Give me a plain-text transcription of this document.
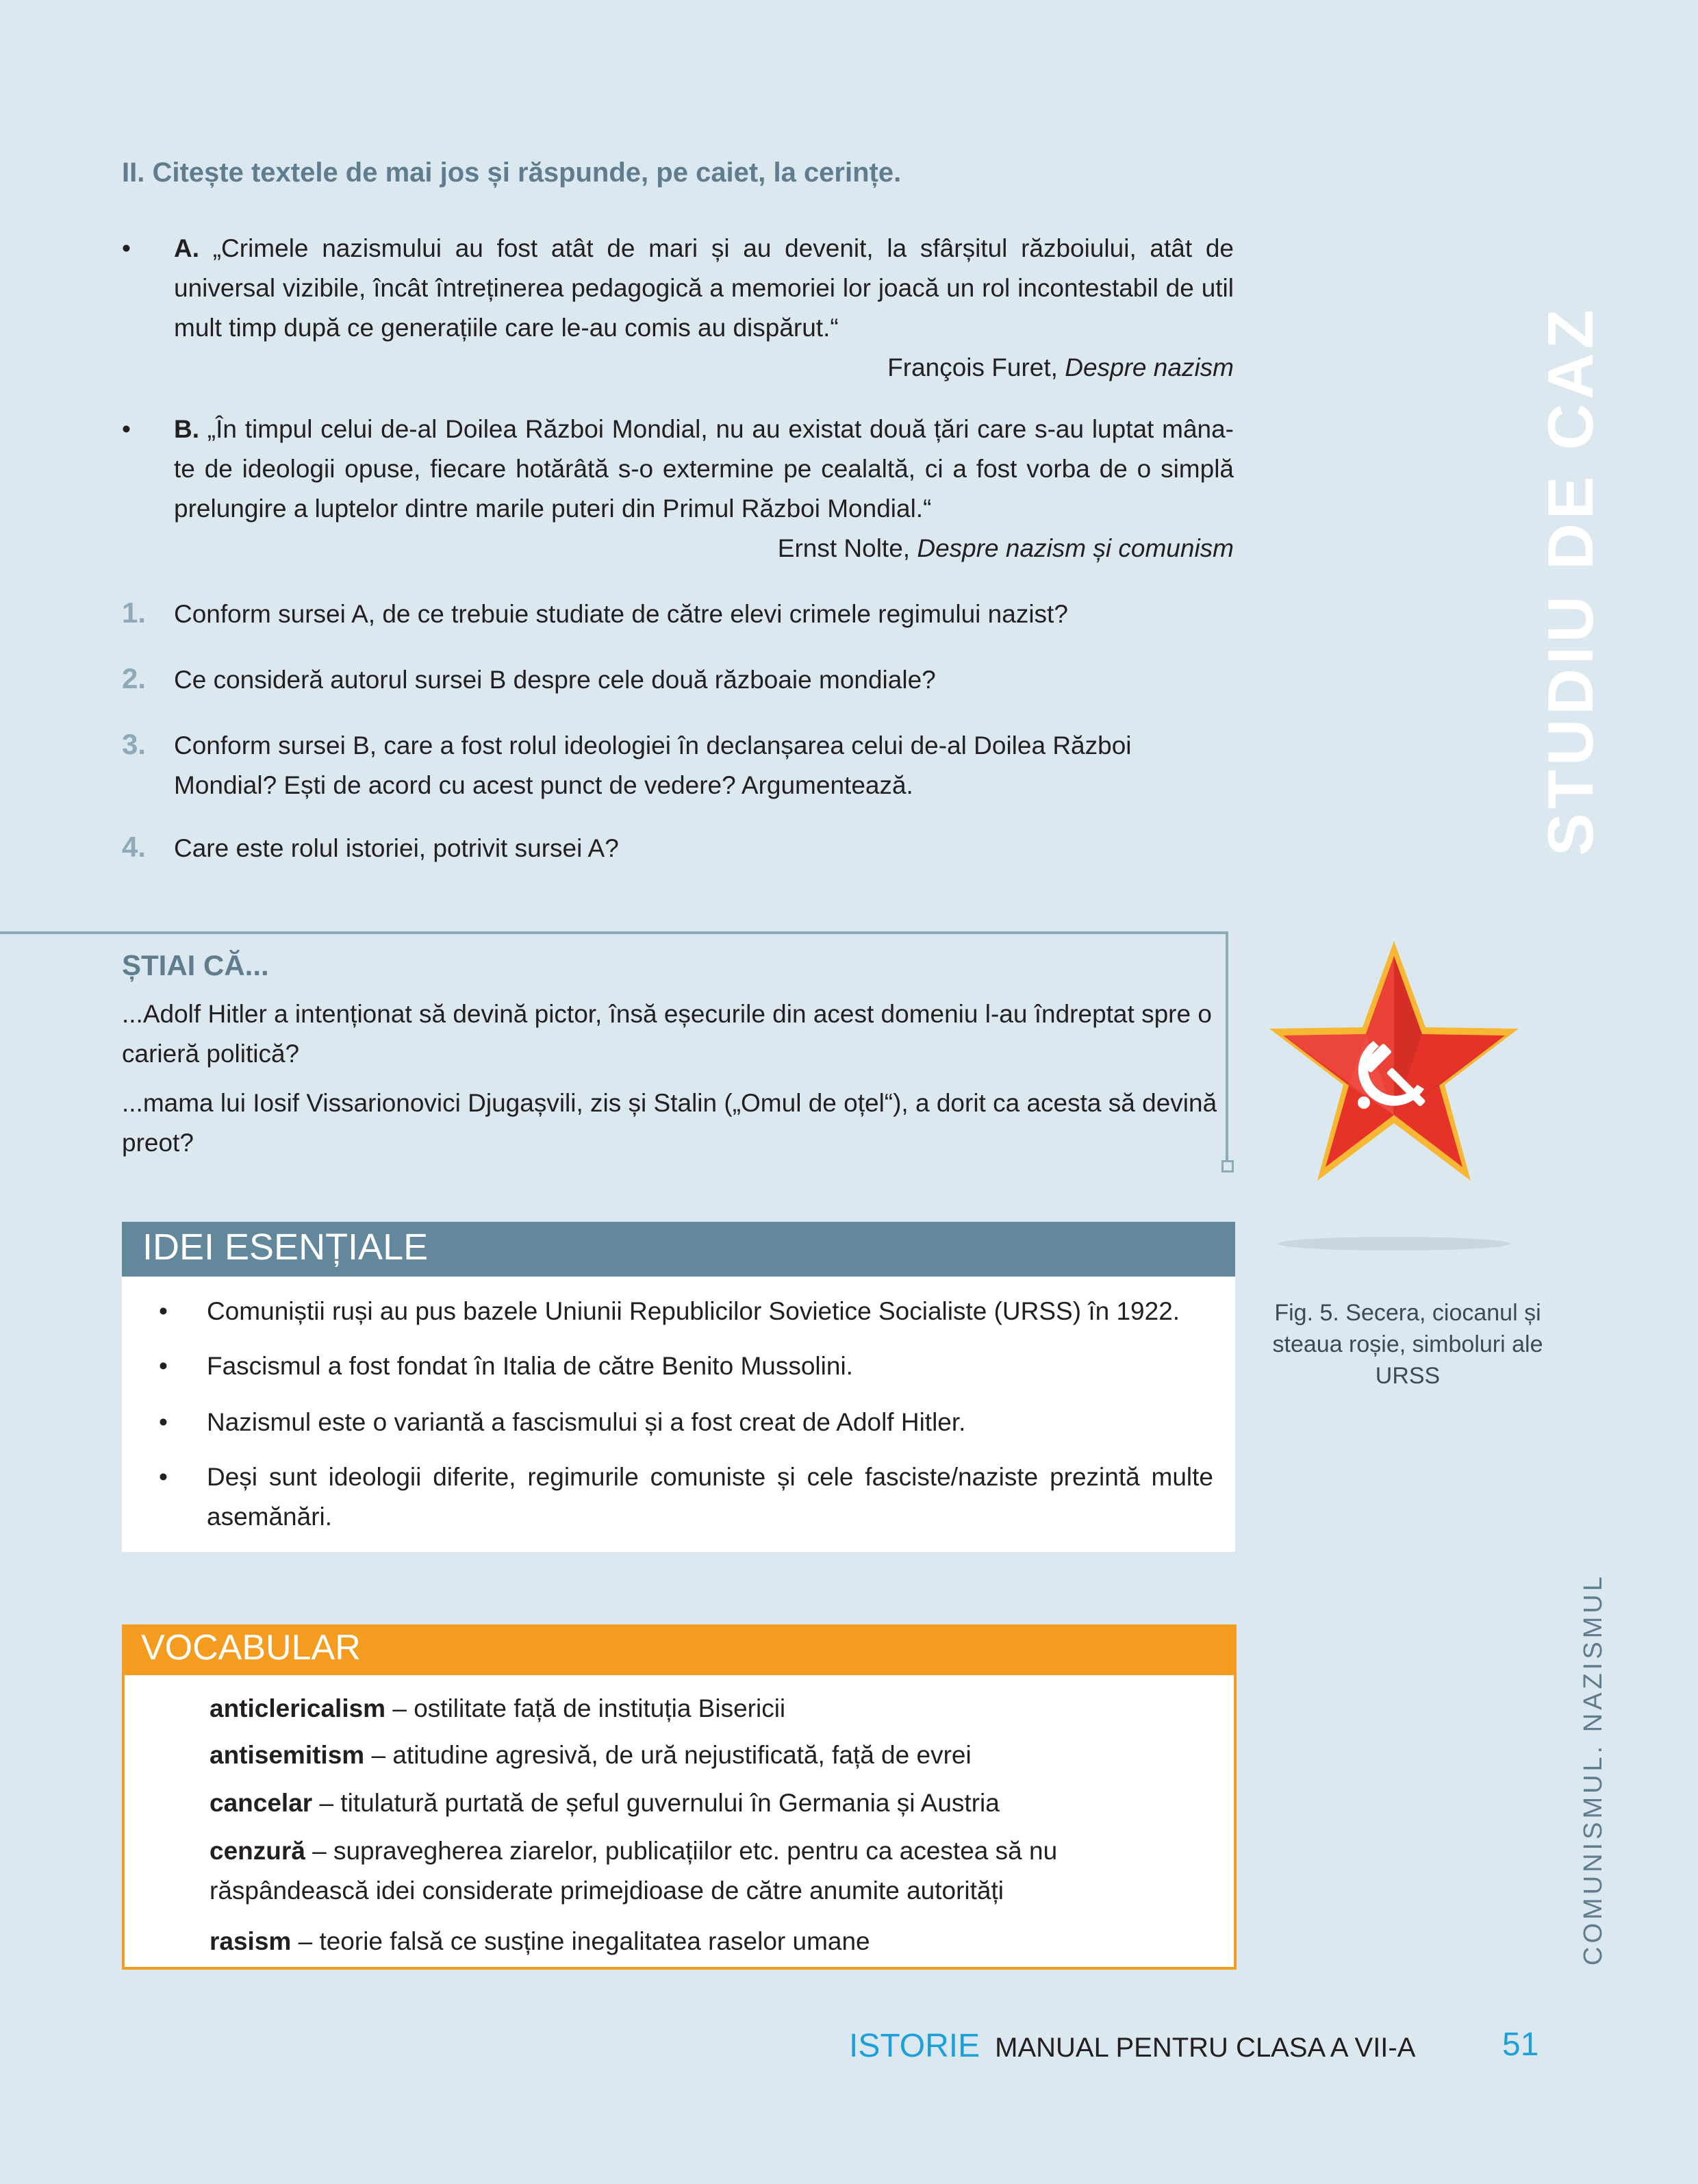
II. Citește textele de mai jos și răspunde, pe caiet, la cerințe.
• A. „Crimele nazismului au fost atât de mari și au devenit, la sfârșitul războiului, atât de universal vizibile, încât întreținerea pedagogică a memoriei lor joacă un rol incontestabil de util mult timp după ce generațiile care le-au comis au dispărut.“
François Furet, Despre nazism
• B. „În timpul celui de-al Doilea Război Mondial, nu au existat două țări care s-au luptat mâna-te de ideologii opuse, fiecare hotărâtă s-o extermine pe cealaltă, ci a fost vorba de o simplă prelungire a luptelor dintre marile puteri din Primul Război Mondial.“
Ernst Nolte, Despre nazism și comunism
1. Conform sursei A, de ce trebuie studiate de către elevi crimele regimului nazist?
2. Ce consideră autorul sursei B despre cele două războaie mondiale?
3. Conform sursei B, care a fost rolul ideologiei în declanșarea celui de-al Doilea Război Mondial? Ești de acord cu acest punct de vedere? Argumentează.
4. Care este rolul istoriei, potrivit sursei A?	STUDIU DE CAZ
COMUNISMUL. NAZISMUL
ȘTIAI CĂ...

...Adolf Hitler a intenționat să devină pictor, însă eșecurile din acest domeniu l-au îndreptat spre o carieră politică?

...mama lui Iosif Vissarionovici Djugașvili, zis și Stalin („Omul de oțel“), a dorit ca acesta să devină preot?

Fig. 5. Secera, ciocanul și steaua roșie, simboluri ale URSS
IDEI ESENȚIALE
• Comuniștii ruși au pus bazele Uniunii Republicilor Sovietice Socialiste (URSS) în 1922.
• Fascismul a fost fondat în Italia de către Benito Mussolini.
• Nazismul este o variantă a fascismului și a fost creat de Adolf Hitler.
• Deși sunt ideologii diferite, regimurile comuniste și cele fasciste/naziste prezintă multe asemănări.
VOCABULAR
anticlericalism – ostilitate față de instituția Bisericii
antisemitism – atitudine agresivă, de ură nejustificată, față de evrei
cancelar – titulatură purtată de șeful guvernului în Germania și Austria
cenzură – supravegherea ziarelor, publicațiilor etc. pentru ca acestea să nu răspândească idei considerate primejdioase de către anumite autorități
rasism – teorie falsă ce susține inegalitatea raselor umane
ISTORIE MANUAL PENTRU CLASA A VII-A	51
